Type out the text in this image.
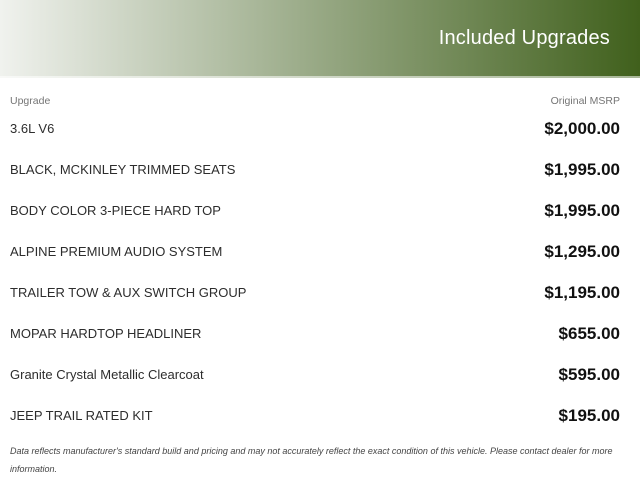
Included Upgrades
Upgrade	Original MSRP
3.6L V6	$2,000.00
BLACK, MCKINLEY TRIMMED SEATS	$1,995.00
BODY COLOR 3-PIECE HARD TOP	$1,995.00
ALPINE PREMIUM AUDIO SYSTEM	$1,295.00
TRAILER TOW & AUX SWITCH GROUP	$1,195.00
MOPAR HARDTOP HEADLINER	$655.00
Granite Crystal Metallic Clearcoat	$595.00
JEEP TRAIL RATED KIT	$195.00
Data reflects manufacturer's standard build and pricing and may not accurately reflect the exact condition of this vehicle. Please contact dealer for more information.
